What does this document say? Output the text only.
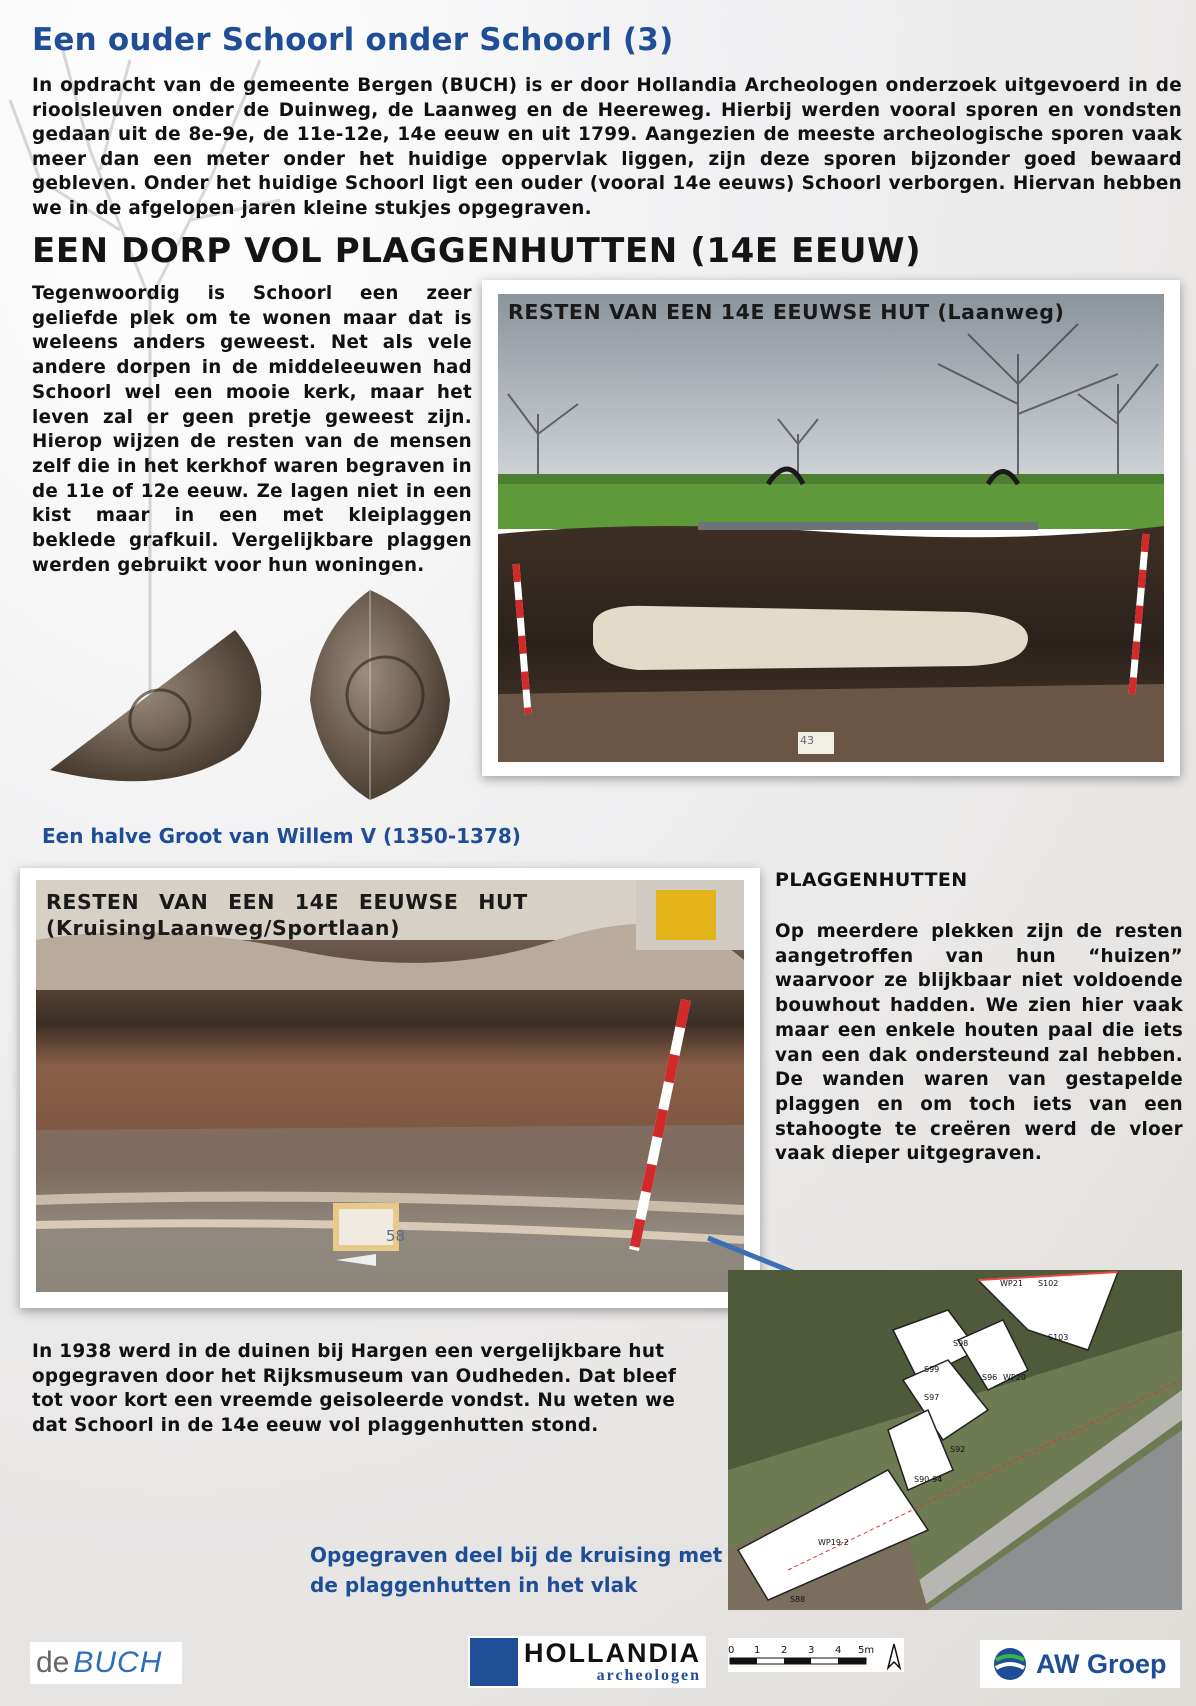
Een ouder Schoorl onder Schoorl (3)

In opdracht van de gemeente Bergen (BUCH) is er door Hollandia Archeologen onderzoek uitgevoerd in de rioolsleuven onder de Duinweg, de Laanweg en de Heereweg. Hierbij werden vooral sporen en vondsten gedaan uit de 8e-9e, de 11e-12e, 14e eeuw en uit 1799. Aangezien de meeste archeologische sporen vaak meer dan een meter onder het huidige oppervlak liggen, zijn deze sporen bijzonder goed bewaard gebleven. Onder het huidige Schoorl ligt een ouder (vooral 14e eeuws) Schoorl verborgen. Hiervan hebben we in de afgelopen jaren kleine stukjes opgegraven.

EEN DORP VOL PLAGGENHUTTEN (14E EEUW)

Tegenwoordig is Schoorl een zeer geliefde plek om te wonen maar dat is weleens anders geweest. Net als vele andere dorpen in de middeleeuwen had Schoorl wel een mooie kerk, maar het leven zal er geen pretje geweest zijn. Hierop wijzen de resten van de mensen zelf die in het kerkhof waren begraven in de 11e of 12e eeuw. Ze lagen niet in een kist maar in een met kleiplaggen beklede grafkuil. Vergelijkbare plaggen werden gebruikt voor hun woningen.

RESTEN VAN EEN 14E EEUWSE HUT (Laanweg)
43

Een halve Groot van Willem V (1350-1378)

RESTEN VAN EEN 14E EEUWSE HUT
(KruisingLaanweg/Sportlaan)
58
PLAGGENHUTTEN

Op meerdere plekken zijn de resten aangetroffen van hun “huizen” waarvoor ze blijkbaar niet voldoende bouwhout hadden. We zien hier vaak maar een enkele houten paal die iets van een dak ondersteund zal hebben. De wanden waren van gestapelde plaggen en om toch iets van een stahoogte te creëren werd de vloer vaak dieper uitgegraven.

In 1938 werd in de duinen bij Hargen een vergelijkbare hut opgegraven door het Rijksmuseum van Oudheden. Dat bleef tot voor kort een vreemde geisoleerde vondst. Nu weten we dat Schoorl in de 14e eeuw vol plaggenhutten stond.

Opgegraven deel bij de kruising met
de plaggenhutten in het vlak

WP21 S102
S103
S98
S99
S96 WP20
S97
S92
S90-94
WP19-2
S88
0 1 2 3 4 5m
de BUCH	HOLLANDIA
archeologen	AW Groep
